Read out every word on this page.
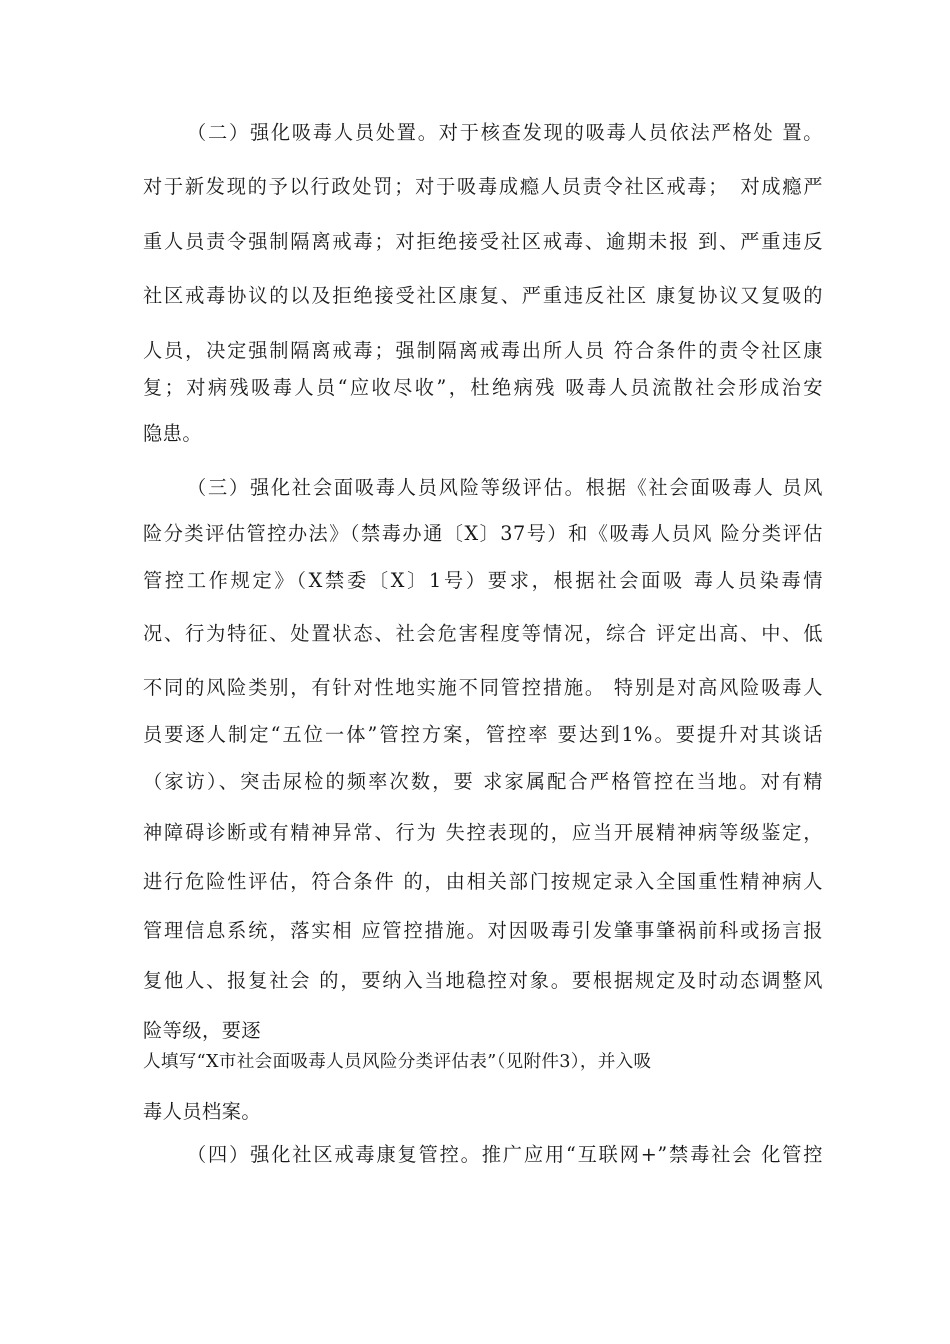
（二）强化吸毒人员处置。对于核查发现的吸毒人员依法严格处 置。
对于新发现的予以行政处罚；对于吸毒成瘾人员责令社区戒毒；　对成瘾严
重人员责令强制隔离戒毒；对拒绝接受社区戒毒、逾期未报 到、严重违反
社区戒毒协议的以及拒绝接受社区康复、严重违反社区 康复协议又复吸的
人员，决定强制隔离戒毒；强制隔离戒毒出所人员 符合条件的责令社区康
复；对病残吸毒人员“应收尽收”，杜绝病残 吸毒人员流散社会形成治安
隐患。
（三）强化社会面吸毒人员风险等级评估。根据《社会面吸毒人 员风
险分类评估管控办法》（禁毒办通〔X〕37号）和《吸毒人员风 险分类评估
管控工作规定》（X禁委〔X〕1号）要求，根据社会面吸 毒人员染毒情
况、行为特征、处置状态、社会危害程度等情况，综合 评定出高、中、低
不同的风险类别，有针对性地实施不同管控措施。 特别是对高风险吸毒人
员要逐人制定“五位一体”管控方案，管控率 要达到1%。要提升对其谈话
（家访）、突击尿检的频率次数，要 求家属配合严格管控在当地。对有精
神障碍诊断或有精神异常、行为 失控表现的，应当开展精神病等级鉴定，
进行危险性评估，符合条件 的，由相关部门按规定录入全国重性精神病人
管理信息系统，落实相 应管控措施。对因吸毒引发肇事肇祸前科或扬言报
复他人、报复社会 的，要纳入当地稳控对象。要根据规定及时动态调整风
险等级，要逐
人填写“X市社会面吸毒人员风险分类评估表”（见附件3），并入吸
毒人员档案。
（四）强化社区戒毒康复管控。推广应用“互联网+”禁毒社会 化管控
